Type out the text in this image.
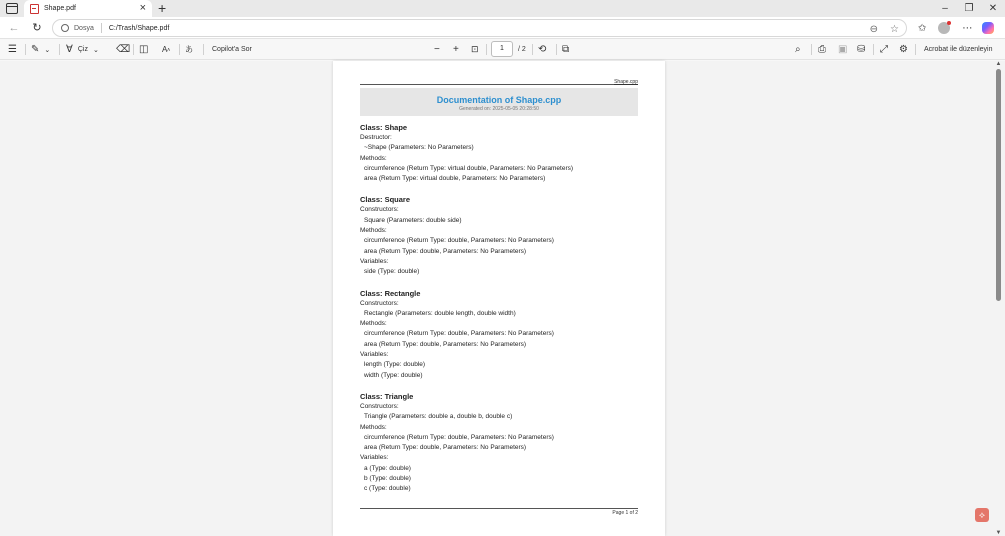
Shape.pdf	× +	–	❐	✕
← ↻	Dosya C:/Trash/Shape.pdf	⊖ ☆ ✩	⋯
☰ ✎ ⌄ ∀ Çiz ⌄ ⌫ ◫ A ʌ あ	Copilot'a Sor	− + ⊡	1	/ 2 ⟲ ⧉	⌕ ⎙ ▣ ⛁ ⤢ ⚙ Acrobat ile
düzenleyin
Shape.cpp
Documentation of Shape.cpp
Generated on: 2025-05-05 20:28:50
Class: Shape
Destructor:
~Shape (Parameters: No Parameters)
Methods:
circumference (Return Type: virtual double, Parameters: No Parameters)
area (Return Type: virtual double, Parameters: No Parameters)
Class: Square
Constructors:
Square (Parameters: double side)
Methods:
circumference (Return Type: double, Parameters: No Parameters)
area (Return Type: double, Parameters: No Parameters)
Variables:
side (Type: double)
Class: Rectangle
Constructors:
Rectangle (Parameters: double length, double width)
Methods:
circumference (Return Type: double, Parameters: No Parameters)
area (Return Type: double, Parameters: No Parameters)
Variables:
length (Type: double)
width (Type: double)
Class: Triangle
Constructors:
Triangle (Parameters: double a, double b, double c)
Methods:
circumference (Return Type: double, Parameters: No Parameters)
area (Return Type: double, Parameters: No Parameters)
Variables:
a (Type: double)
b (Type: double)
c (Type: double)
Page 1 of 2
▲
▼
⟡
